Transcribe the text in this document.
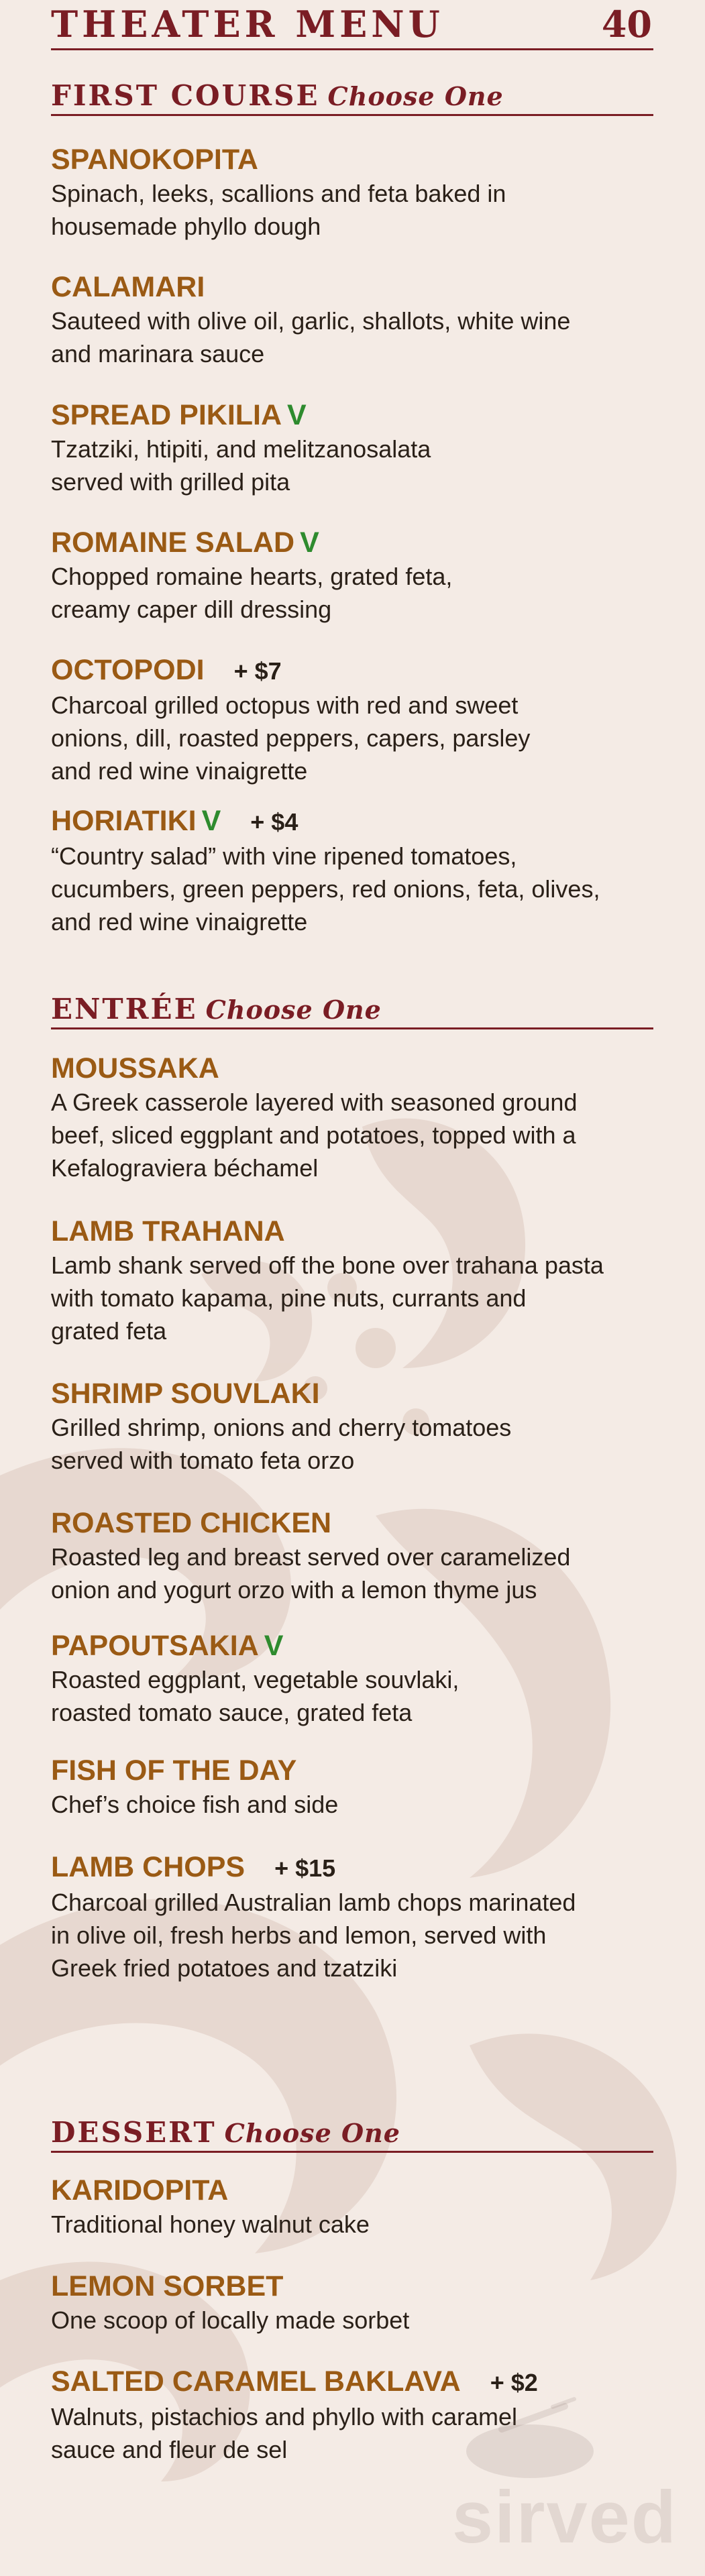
THEATER MENU	40
FIRST COURSE Choose One
SPANOKOPITA
Spinach, leeks, scallions and feta baked in
housemade phyllo dough
CALAMARI
Sauteed with olive oil, garlic, shallots, white wine
and marinara sauce
SPREAD PIKILIA V
Tzatziki, htipiti, and melitzanosalata
served with grilled pita
ROMAINE SALAD V
Chopped romaine hearts, grated feta,
creamy caper dill dressing
OCTOPODI + $7
Charcoal grilled octopus with red and sweet
onions, dill, roasted peppers, capers, parsley
and red wine vinaigrette
HORIATIKI V + $4
“Country salad” with vine ripened tomatoes,
cucumbers, green peppers, red onions, feta, olives,
and red wine vinaigrette
ENTRÉE Choose One
MOUSSAKA
A Greek casserole layered with seasoned ground
beef, sliced eggplant and potatoes, topped with a
Kefalograviera béchamel
LAMB TRAHANA
Lamb shank served off the bone over trahana pasta
with tomato kapama, pine nuts, currants and
grated feta
SHRIMP SOUVLAKI
Grilled shrimp, onions and cherry tomatoes
served with tomato feta orzo
ROASTED CHICKEN
Roasted leg and breast served over caramelized
onion and yogurt orzo with a lemon thyme jus
PAPOUTSAKIA V
Roasted eggplant, vegetable souvlaki,
roasted tomato sauce, grated feta
FISH OF THE DAY
Chef’s choice fish and side
LAMB CHOPS + $15
Charcoal grilled Australian lamb chops marinated
in olive oil, fresh herbs and lemon, served with
Greek fried potatoes and tzatziki
DESSERT Choose One
KARIDOPITA
Traditional honey walnut cake
LEMON SORBET
One scoop of locally made sorbet
SALTED CARAMEL BAKLAVA + $2
Walnuts, pistachios and phyllo with caramel
sauce and fleur de sel
sirved
